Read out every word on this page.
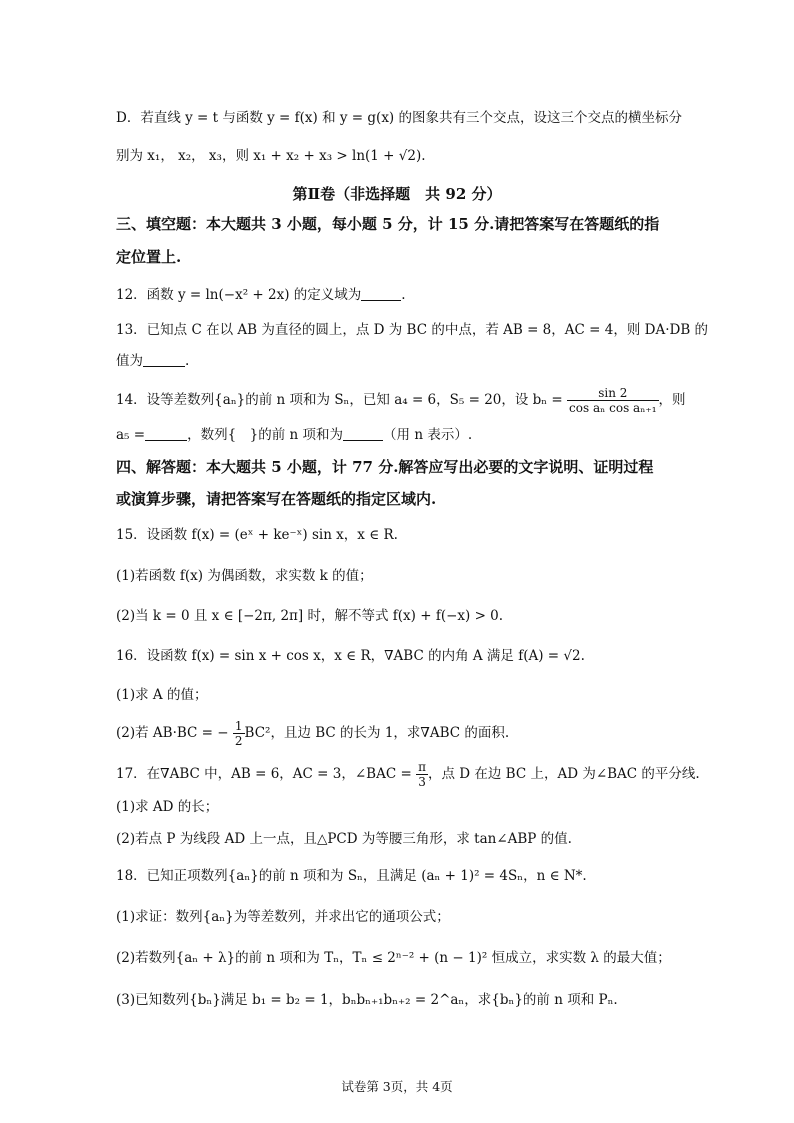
D．若直线 y = t 与函数 y = f(x) 和 y = g(x) 的图象共有三个交点，设这三个交点的横坐标分
别为 x₁， x₂， x₃，则 x₁ + x₂ + x₃ > ln(1 + √2).
第Ⅱ卷（非选择题　共 92 分）
三、填空题：本大题共 3 小题，每小题 5 分，计 15 分.请把答案写在答题纸的指
定位置上.
12．函数 y = ln(−x² + 2x) 的定义域为	.
13．已知点 C 在以 AB 为直径的圆上，点 D 为 BC 的中点，若 AB = 8，AC = 4，则 DA·DB 的
值为	.
14．设等差数列{aₙ}的前 n 项和为 Sₙ，已知 a₄ = 6，S₅ = 20，设 $b_n = \frac{\sin 2}{\text{cos aₙ cos aₙ₊₁}}$ ，则
a₅ =	，数列{　}的前 n 项和为	（用 n 表示）.
四、解答题：本大题共 5 小题，计 77 分.解答应写出必要的文字说明、证明过程
或演算步骤，请把答案写在答题纸的指定区域内.
15．设函数 f(x) = (eˣ + ke⁻ˣ) sin x，x ∈ R.
(1)若函数 f(x) 为偶函数，求实数 k 的值；
(2)当 k = 0 且 x ∈ [−2π, 2π] 时，解不等式 f(x) + f(−x) > 0.
16．设函数 f(x) = sin x + cos x，x ∈ R，∇ABC 的内角 A 满足 f(A) = √2.
(1)求 A 的值；
(2)若 AB·BC = − $\frac{1}{2} BC^2$，且边 BC 的长为 1，求∇ABC 的面积.
17．在∇ABC 中，AB = 6，AC = 3，∠BAC = $\frac{\pi}{3}$ ，点 D 在边 BC 上，AD 为∠BAC 的平分线.
(1)求 AD 的长；
(2)若点 P 为线段 AD 上一点，且△PCD 为等腰三角形，求 tan∠ABP 的值.
18．已知正项数列{aₙ}的前 n 项和为 Sₙ，且满足 (aₙ + 1)² = 4Sₙ，n ∈ N*.
(1)求证：数列{aₙ}为等差数列，并求出它的通项公式；
(2)若数列{aₙ + λ}的前 n 项和为 Tₙ，Tₙ ≤ 2ⁿ⁻² + (n − 1)² 恒成立，求实数 λ 的最大值；
(3)已知数列{bₙ}满足 b₁ = b₂ = 1，bₙbₙ₊₁bₙ₊₂ = 2^aₙ，求{bₙ}的前 n 项和 Pₙ.
试卷第 3页，共 4页
